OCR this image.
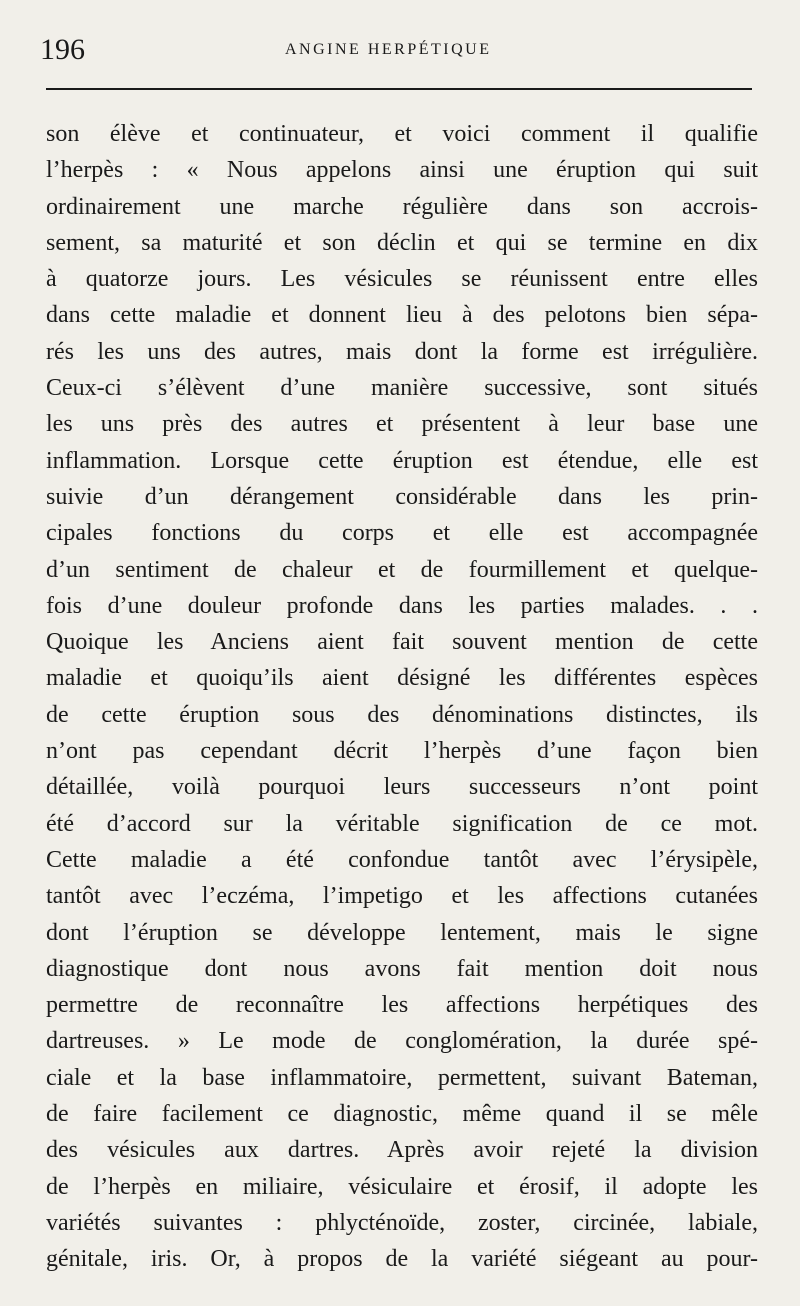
196	ANGINE HERPÉTIQUE
son élève et continuateur, et voici comment il qualifie
l’herpès : « Nous appelons ainsi une éruption qui suit
ordinairement une marche régulière dans son accrois-
sement, sa maturité et son déclin et qui se termine en dix
à quatorze jours. Les vésicules se réunissent entre elles
dans cette maladie et donnent lieu à des pelotons bien sépa-
rés les uns des autres, mais dont la forme est irrégulière.
Ceux-ci s’élèvent d’une manière successive, sont situés
les uns près des autres et présentent à leur base une
inflammation. Lorsque cette éruption est étendue, elle est
suivie d’un dérangement considérable dans les prin-
cipales fonctions du corps et elle est accompagnée
d’un sentiment de chaleur et de fourmillement et quelque-
fois d’une douleur profonde dans les parties malades. . .
Quoique les Anciens aient fait souvent mention de cette
maladie et quoiqu’ils aient désigné les différentes espèces
de cette éruption sous des dénominations distinctes, ils
n’ont pas cependant décrit l’herpès d’une façon bien
détaillée, voilà pourquoi leurs successeurs n’ont point
été d’accord sur la véritable signification de ce mot.
Cette maladie a été confondue tantôt avec l’érysipèle,
tantôt avec l’eczéma, l’impetigo et les affections cutanées
dont l’éruption se développe lentement, mais le signe
diagnostique dont nous avons fait mention doit nous
permettre de reconnaître les affections herpétiques des
dartreuses. » Le mode de conglomération, la durée spé-
ciale et la base inflammatoire, permettent, suivant Bateman,
de faire facilement ce diagnostic, même quand il se mêle
des vésicules aux dartres. Après avoir rejeté la division
de l’herpès en miliaire, vésiculaire et érosif, il adopte les
variétés suivantes : phlycténoïde, zoster, circinée, labiale,
génitale, iris. Or, à propos de la variété siégeant au pour-
